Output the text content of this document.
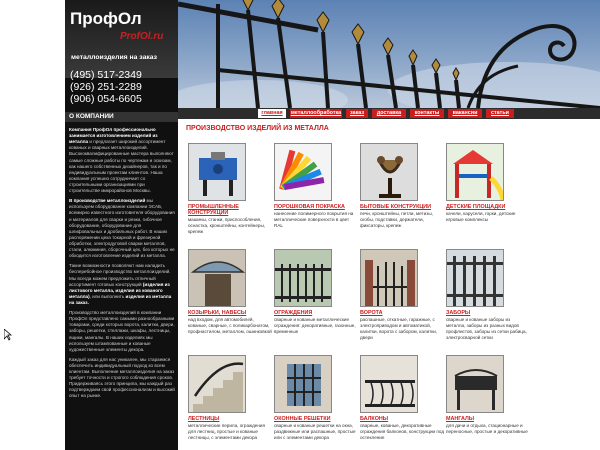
ПрофОл
ProfOl.ru
металлоизделия на заказ
(495) 517-2349
(926) 251-2289
(906) 054-6605
О КОМПАНИИ

Компания ПрофОл профессионально занимается изготовлением изделий из металла и предлагает широкий ассортимент кованых и сварных металлоизделий. Высококвалифицированные мастера выполняют самые сложные работы по чертежам и эскизам, как нашего собственных дизайнеров, так и по индивидуальным проектам клиентов. Наша компания успешно сотрудничает со строительными организациями при строительстве микрорайонов Москвы.

В производстве металлоизделий мы используем оборудование компании ЭСАБ, всемирно известного изготовителя оборудования и материалов для сварки и резки, гибочное оборудование, оборудование для шлифовальных и дробильных работ. В наших распоряжении цеха токарной и фрезерной обработки, электродуговой сварки металлов, стали, алюминия, сборочный цех, без которых не обходится изготовление изделий из металла.

Такие возможности позволяют нам наладить бесперебойное производство металлоизделий. Мы всегда можем предложить отличный ассортимент готовых конструкций (изделия из листового металла, изделия из кованого металла), или выполнить изделия из металла на заказ.

Производство металлоизделий в компании ПрофОл представлено самыми разнообразными товарами, среди которых ворота, калитки, двери, заборы, решетки, стеллажи, шкафы, лестницы, ящики, мангалы. В наших изделиях мы используем штампованные и кованые художественные элементы декора.

Каждый заказ для нас уникален, мы стараемся обеспечить индивидуальный подход ко всем клиентам. Выполнение металлоизделия на заказ требует точности и строгого соблюдения сроков. Придерживаясь этого принципа, мы каждый раз подтверждаем свой профессионализм и высокий опыт на рынке.

главная	металлообработка	заказ	доставка	контакты	вакансии	статьи
ПРОИЗВОДСТВО ИЗДЕЛИЙ ИЗ МЕТАЛЛА
ПРОМЫШЛЕННЫЕ КОНСТРУКЦИИ
машины, станки, приспособления, оснастка, кронштейны, контейнеры, крепеж
ПОРОШКОВАЯ ПОКРАСКА
нанесение полимерного покрытия на металлические поверхности в цвет RAL
БЫТОВЫЕ КОНСТРУКЦИИ
печи, кронштейны, петли, метизы, скобы, подставки, держатели, фиксаторы, крепеж
ДЕТСКИЕ ПЛОЩАДКИ
качели, карусели, горки, детские игровые комплексы
КОЗЫРЬКИ, НАВЕСЫ
над входом, для автомобилей, кованые, сварные, с поликарбонатом, профнастилом, металлом, ошинковкой
ОГРАЖДЕНИЯ
сварные и кованые металлические ограждения: декоративные, газонные, временные
ВОРОТА
распашные, откатные, гаражные, с электроприводом и автоматикой, калитки, ворота с забором, калитки, двери
ЗАБОРЫ
сварные и кованые заборы из металла, заборы из разных видов профлистов, заборы из сетки рабица, электросварной сетки
ЛЕСТНИЦЫ
металлические перила, ограждения для лестниц, простые и кованые лестницы, с элементами декора
ОКОННЫЕ РЕШЕТКИ
сварные и кованые решетки на окна, раздвижные или распашные, простые или с элементами декора
БАЛКОНЫ
сварные, кованые, декоративные ограждения балконов, конструкции под остекление
МАНГАЛЫ
для дачи и отдыха, стационарные и переносные, простые и декоративные
